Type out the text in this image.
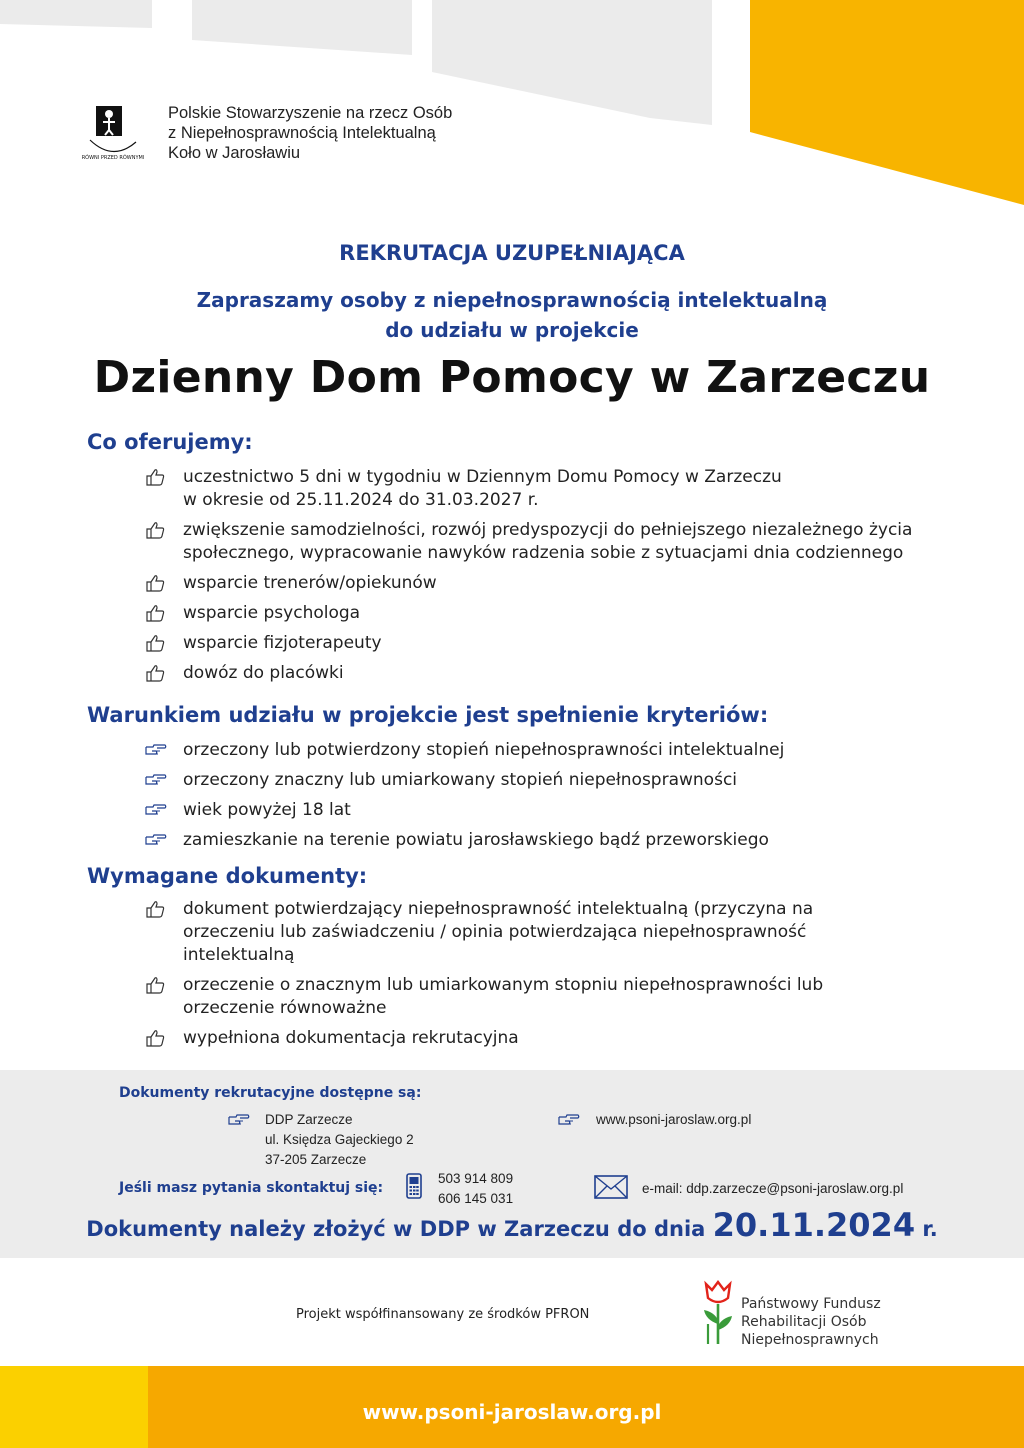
RÓWNI PRZED RÓWNYMI
Polskie Stowarzyszenie na rzecz Osób
z Niepełnosprawnością Intelektualną
Koło w Jarosławiu
REKRUTACJA UZUPEŁNIAJĄCA
Zapraszamy osoby z niepełnosprawnością intelektualną
do udziału w projekcie
Dzienny Dom Pomocy w Zarzeczu
Co oferujemy:
uczestnictwo 5 dni w tygodniu w Dziennym Domu Pomocy w Zarzeczu
w okresie od 25.11.2024 do 31.03.2027 r.
zwiększenie samodzielności, rozwój predyspozycji do pełniejszego niezależnego życia
społecznego, wypracowanie nawyków radzenia sobie z sytuacjami dnia codziennego
wsparcie trenerów/opiekunów
wsparcie psychologa
wsparcie fizjoterapeuty
dowóz do placówki
Warunkiem udziału w projekcie jest spełnienie kryteriów:
orzeczony lub potwierdzony stopień niepełnosprawności intelektualnej
orzeczony znaczny lub umiarkowany stopień niepełnosprawności
wiek powyżej 18 lat
zamieszkanie na terenie powiatu jarosławskiego bądź przeworskiego
Wymagane dokumenty:
dokument potwierdzający niepełnosprawność intelektualną (przyczyna na
orzeczeniu lub zaświadczeniu / opinia potwierdzająca niepełnosprawność
intelektualną
orzeczenie o znacznym lub umiarkowanym stopniu niepełnosprawności lub
orzeczenie równoważne
wypełniona dokumentacja rekrutacyjna
Dokumenty rekrutacyjne dostępne są:
DDP Zarzecze
ul. Księdza Gajeckiego 2
37-205 Zarzecze
www.psoni-jaroslaw.org.pl
Jeśli masz pytania skontaktuj się:
503 914 809
606 145 031
e-mail: ddp.zarzecze@psoni-jaroslaw.org.pl
Dokumenty należy złożyć w DDP w Zarzeczu do dnia 20.11.2024 r.
Projekt współfinansowany ze środków PFRON
Państwowy Fundusz
Rehabilitacji Osób
Niepełnosprawnych
www.psoni-jaroslaw.org.pl
